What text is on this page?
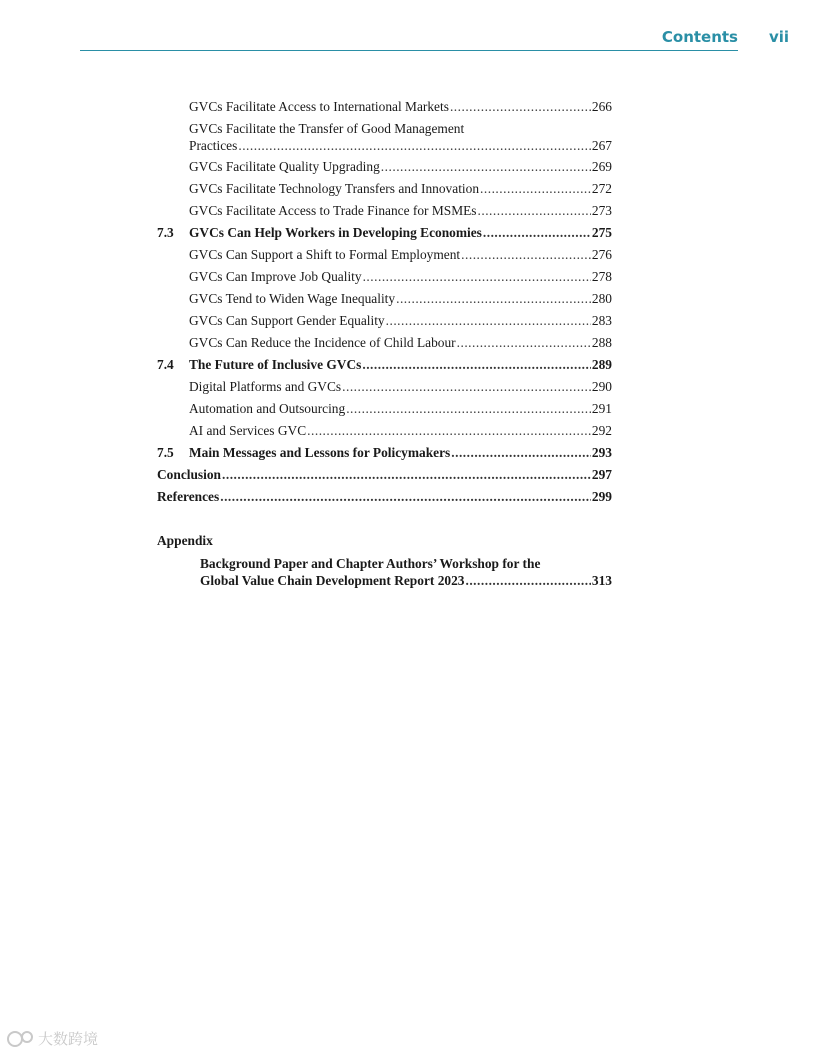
Contents	vii
GVCs Facilitate Access to International Markets .....	266
GVCs Facilitate the Transfer of Good Management
Practices .....	267
GVCs Facilitate Quality Upgrading .....	269
GVCs Facilitate Technology Transfers and Innovation .....	272
GVCs Facilitate Access to Trade Finance for MSMEs .....	273
7.3	GVCs Can Help Workers in Developing Economies .....	275
GVCs Can Support a Shift to Formal Employment .....	276
GVCs Can Improve Job Quality .....	278
GVCs Tend to Widen Wage Inequality .....	280
GVCs Can Support Gender Equality .....	283
GVCs Can Reduce the Incidence of Child Labour .....	288
7.4	The Future of Inclusive GVCs .....	289
Digital Platforms and GVCs .....	290
Automation and Outsourcing .....	291
AI and Services GVC .....	292
7.5	Main Messages and Lessons for Policymakers .....	293
Conclusion .....	297
References .....	299
Appendix
Background Paper and Chapter Authors’ Workshop for the
Global Value Chain Development Report 2023 .....	313
大数跨境
